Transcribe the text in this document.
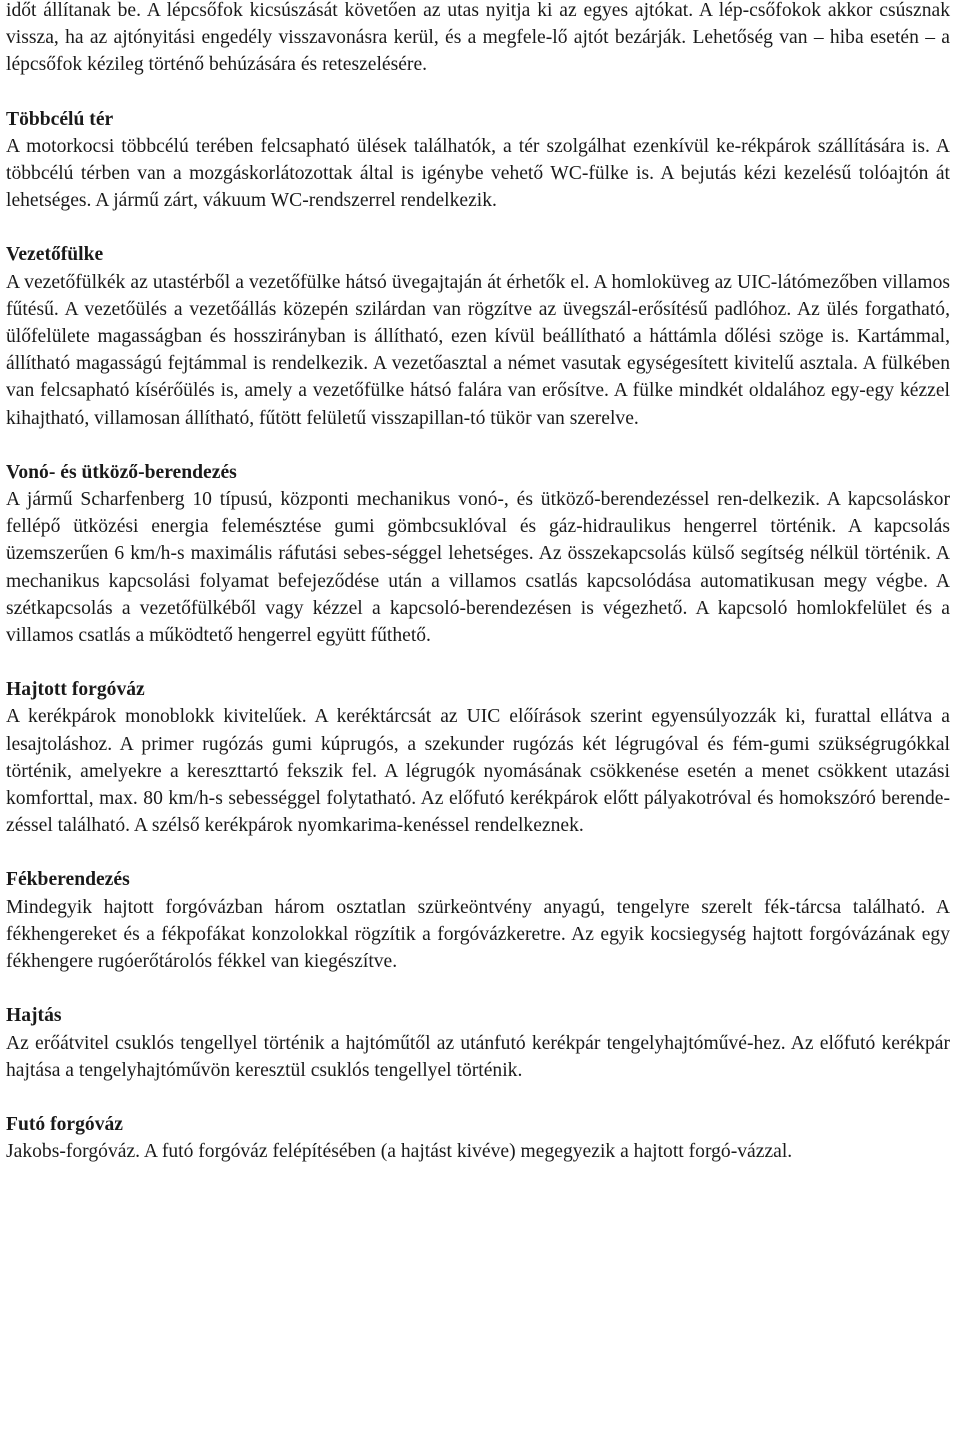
időt állítanak be. A lépcsőfok kicsúszását követően az utas nyitja ki az egyes ajtókat. A lép-csőfokok akkor csúsznak vissza, ha az ajtónyitási engedély visszavonásra kerül, és a megfele-lő ajtót bezárják. Lehetőség van – hiba esetén – a lépcsőfok kézileg történő behúzására és reteszelésére.

Többcélú tér

A motorkocsi többcélú terében felcsapható ülések találhatók, a tér szolgálhat ezenkívül ke-rékpárok szállítására is. A többcélú térben van a mozgáskorlátozottak által is igénybe vehető WC-fülke is. A bejutás kézi kezelésű tolóajtón át lehetséges. A jármű zárt, vákuum WC-rendszerrel rendelkezik.

Vezetőfülke

A vezetőfülkék az utastérből a vezetőfülke hátsó üvegajtaján át érhetők el. A homloküveg az UIC-látómezőben villamos fűtésű. A vezetőülés a vezetőállás közepén szilárdan van rögzítve az üvegszál-erősítésű padlóhoz. Az ülés forgatható, ülőfelülete magasságban és hosszirányban is állítható, ezen kívül beállítható a háttámla dőlési szöge is. Kartámmal, állítható magasságú fejtámmal is rendelkezik. A vezetőasztal a német vasutak egységesített kivitelű asztala. A fülkében van felcsapható kísérőülés is, amely a vezetőfülke hátsó falára van erősítve. A fülke mindkét oldalához egy-egy kézzel kihajtható, villamosan állítható, fűtött felületű visszapillan-tó tükör van szerelve.

Vonó- és ütköző-berendezés

A jármű Scharfenberg 10 típusú, központi mechanikus vonó-, és ütköző-berendezéssel ren-delkezik. A kapcsoláskor fellépő ütközési energia felemésztése gumi gömbcsuklóval és gáz-hidraulikus hengerrel történik. A kapcsolás üzemszerűen 6 km/h-s maximális ráfutási sebes-séggel lehetséges. Az összekapcsolás külső segítség nélkül történik. A mechanikus kapcsolási folyamat befejeződése után a villamos csatlás kapcsolódása automatikusan megy végbe. A szétkapcsolás a vezetőfülkéből vagy kézzel a kapcsoló-berendezésen is végezhető. A kapcsoló homlokfelület és a villamos csatlás a működtető hengerrel együtt fűthető.

Hajtott forgóváz

A kerékpárok monoblokk kivitelűek. A keréktárcsát az UIC előírások szerint egyensúlyozzák ki, furattal ellátva a lesajtoláshoz. A primer rugózás gumi kúprugós, a szekunder rugózás két légrugóval és fém-gumi szükségrugókkal történik, amelyekre a kereszttartó fekszik fel. A légrugók nyomásának csökkenése esetén a menet csökkent utazási komforttal, max. 80 km/h-s sebességgel folytatható. Az előfutó kerékpárok előtt pályakotróval és homokszóró berende-zéssel található. A szélső kerékpárok nyomkarima-kenéssel rendelkeznek.

Fékberendezés

Mindegyik hajtott forgóvázban három osztatlan szürkeöntvény anyagú, tengelyre szerelt fék-tárcsa található. A fékhengereket és a fékpofákat konzolokkal rögzítik a forgóvázkeretre. Az egyik kocsiegység hajtott forgóvázának egy fékhengere rugóerőtárolós fékkel van kiegészítve.

Hajtás

Az erőátvitel csuklós tengellyel történik a hajtóműtől az utánfutó kerékpár tengelyhajtóművé-hez. Az előfutó kerékpár hajtása a tengelyhajtóművön keresztül csuklós tengellyel történik.

Futó forgóváz

Jakobs-forgóváz. A futó forgóváz felépítésében (a hajtást kivéve) megegyezik a hajtott forgó-vázzal.
